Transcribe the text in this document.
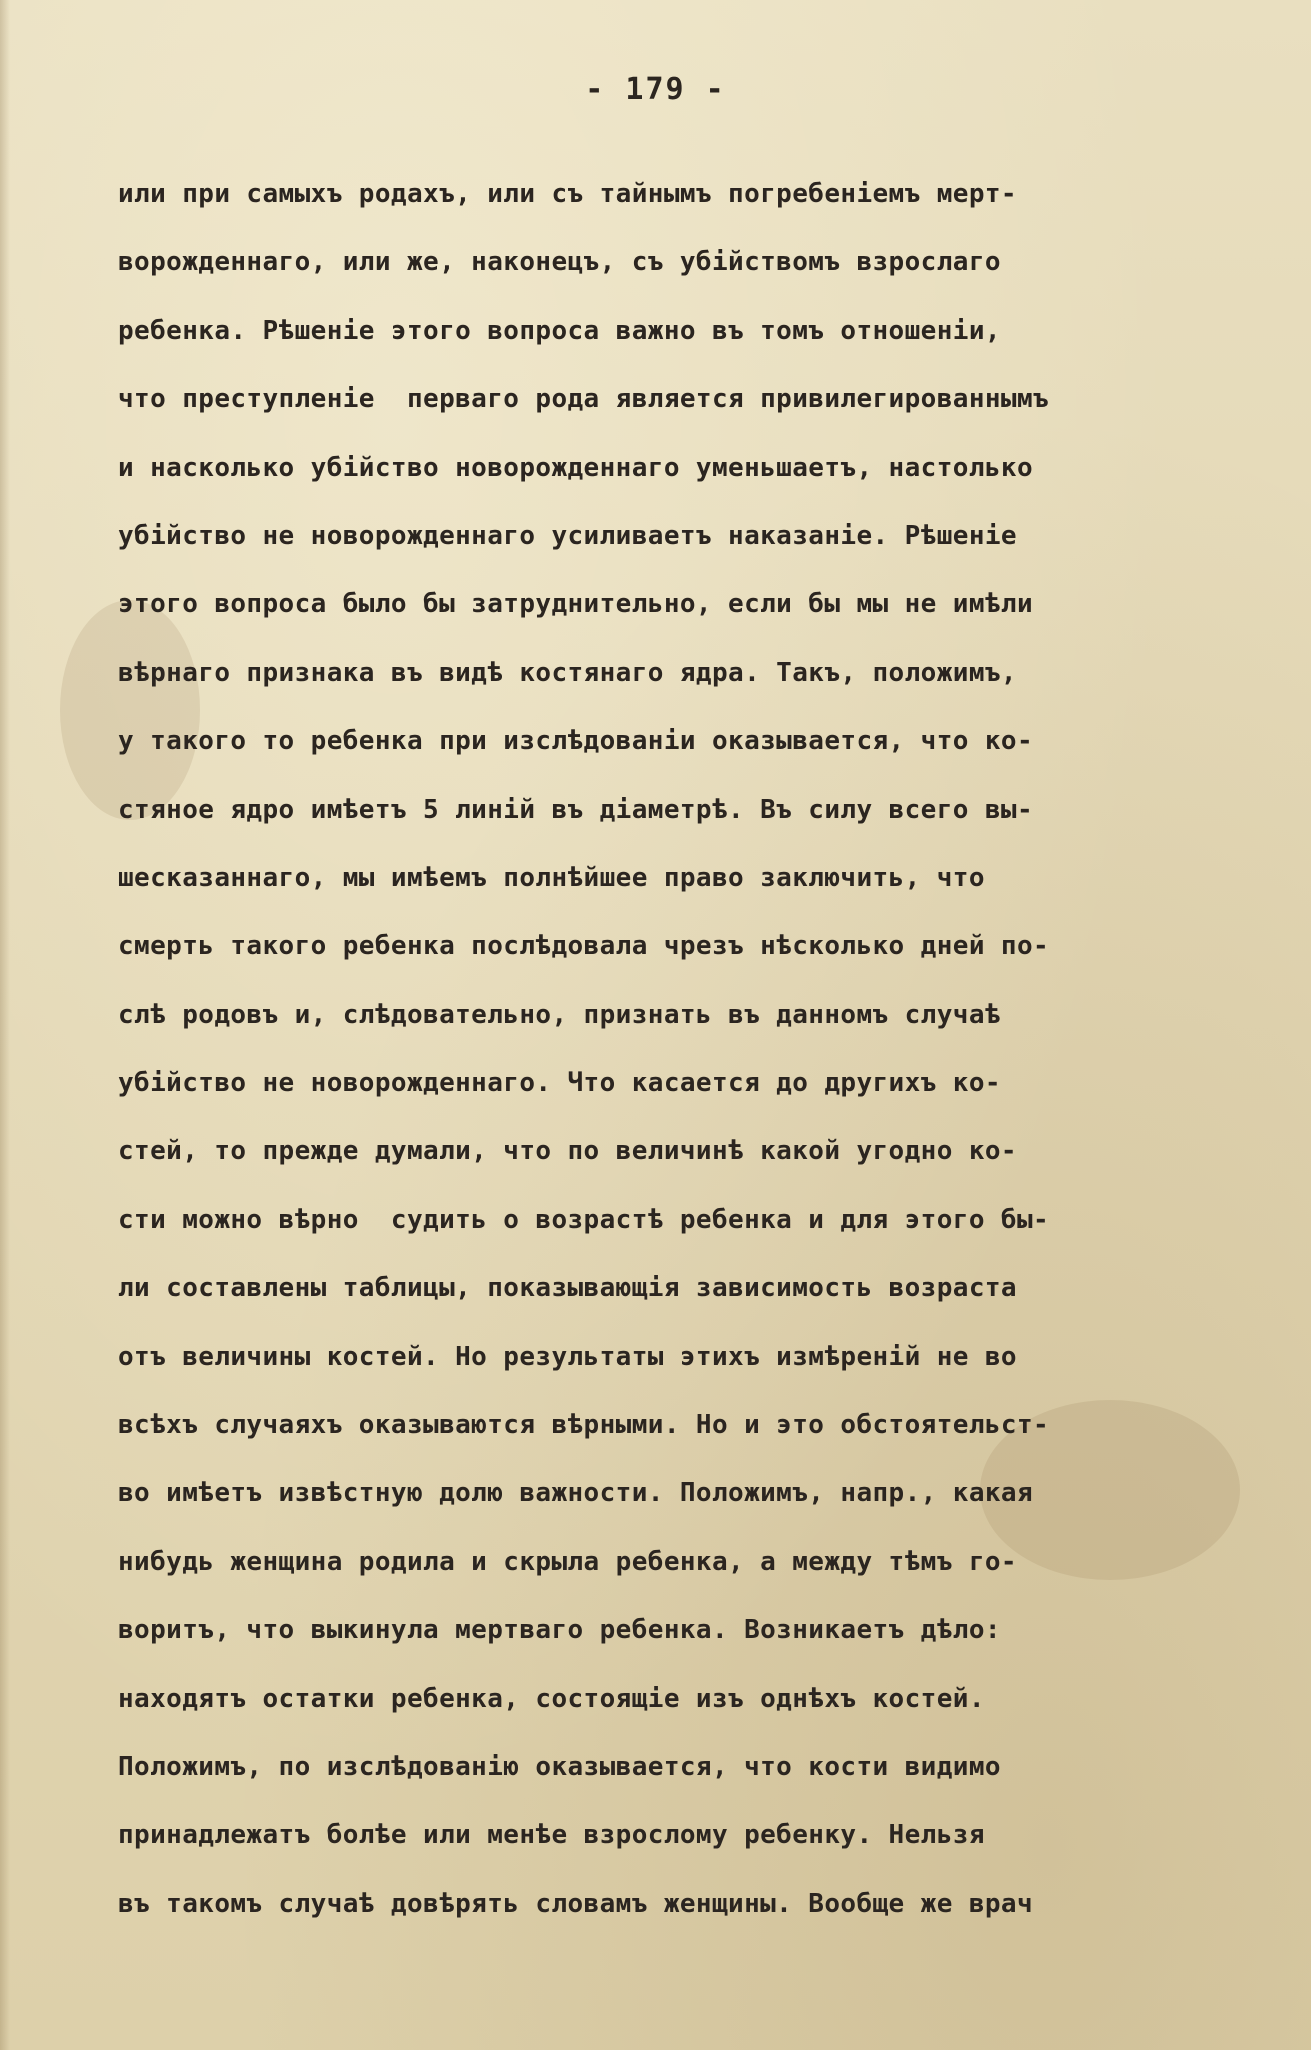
- 179 -
или при самыхъ родахъ, или съ тайнымъ погребенiемъ мерт-
ворожденнаго, или же, наконецъ, съ убiйствомъ взрослаго
ребенка. Рѣшенiе этого вопроса важно въ томъ отношенiи,
что преступленiе  перваго рода является привилегированнымъ
и насколько убiйство новорожденнаго уменьшаетъ, настолько
убiйство не новорожденнаго усиливаетъ наказанiе. Рѣшенiе
этого вопроса было бы затруднительно, если бы мы не имѣли
вѣрнаго признака въ видѣ костянаго ядра. Такъ, положимъ,
у такого то ребенка при изслѣдованiи оказывается, что ко-
стяное ядро имѣетъ 5 линiй въ дiаметрѣ. Въ силу всего вы-
шесказаннаго, мы имѣемъ полнѣйшее право заключить, что
смерть такого ребенка послѣдовала чрезъ нѣсколько дней по-
слѣ родовъ и, слѣдовательно, признать въ данномъ случаѣ
убiйство не новорожденнаго. Что касается до другихъ ко-
стей, то прежде думали, что по величинѣ какой угодно ко-
сти можно вѣрно  судить о возрастѣ ребенка и для этого бы-
ли составлены таблицы, показывающiя зависимость возраста
отъ величины костей. Но результаты этихъ измѣренiй не во
всѣхъ случаяхъ оказываются вѣрными. Но и это обстоятельст-
во имѣетъ извѣстную долю важности. Положимъ, напр., какая
нибудь женщина родила и скрыла ребенка, а между тѣмъ го-
воритъ, что выкинула мертваго ребенка. Возникаетъ дѣло:
находятъ остатки ребенка, состоящiе изъ однѣхъ костей.
Положимъ, по изслѣдованiю оказывается, что кости видимо
принадлежатъ болѣе или менѣе взрослому ребенку. Нельзя
въ такомъ случаѣ довѣрять словамъ женщины. Вообще же врач
